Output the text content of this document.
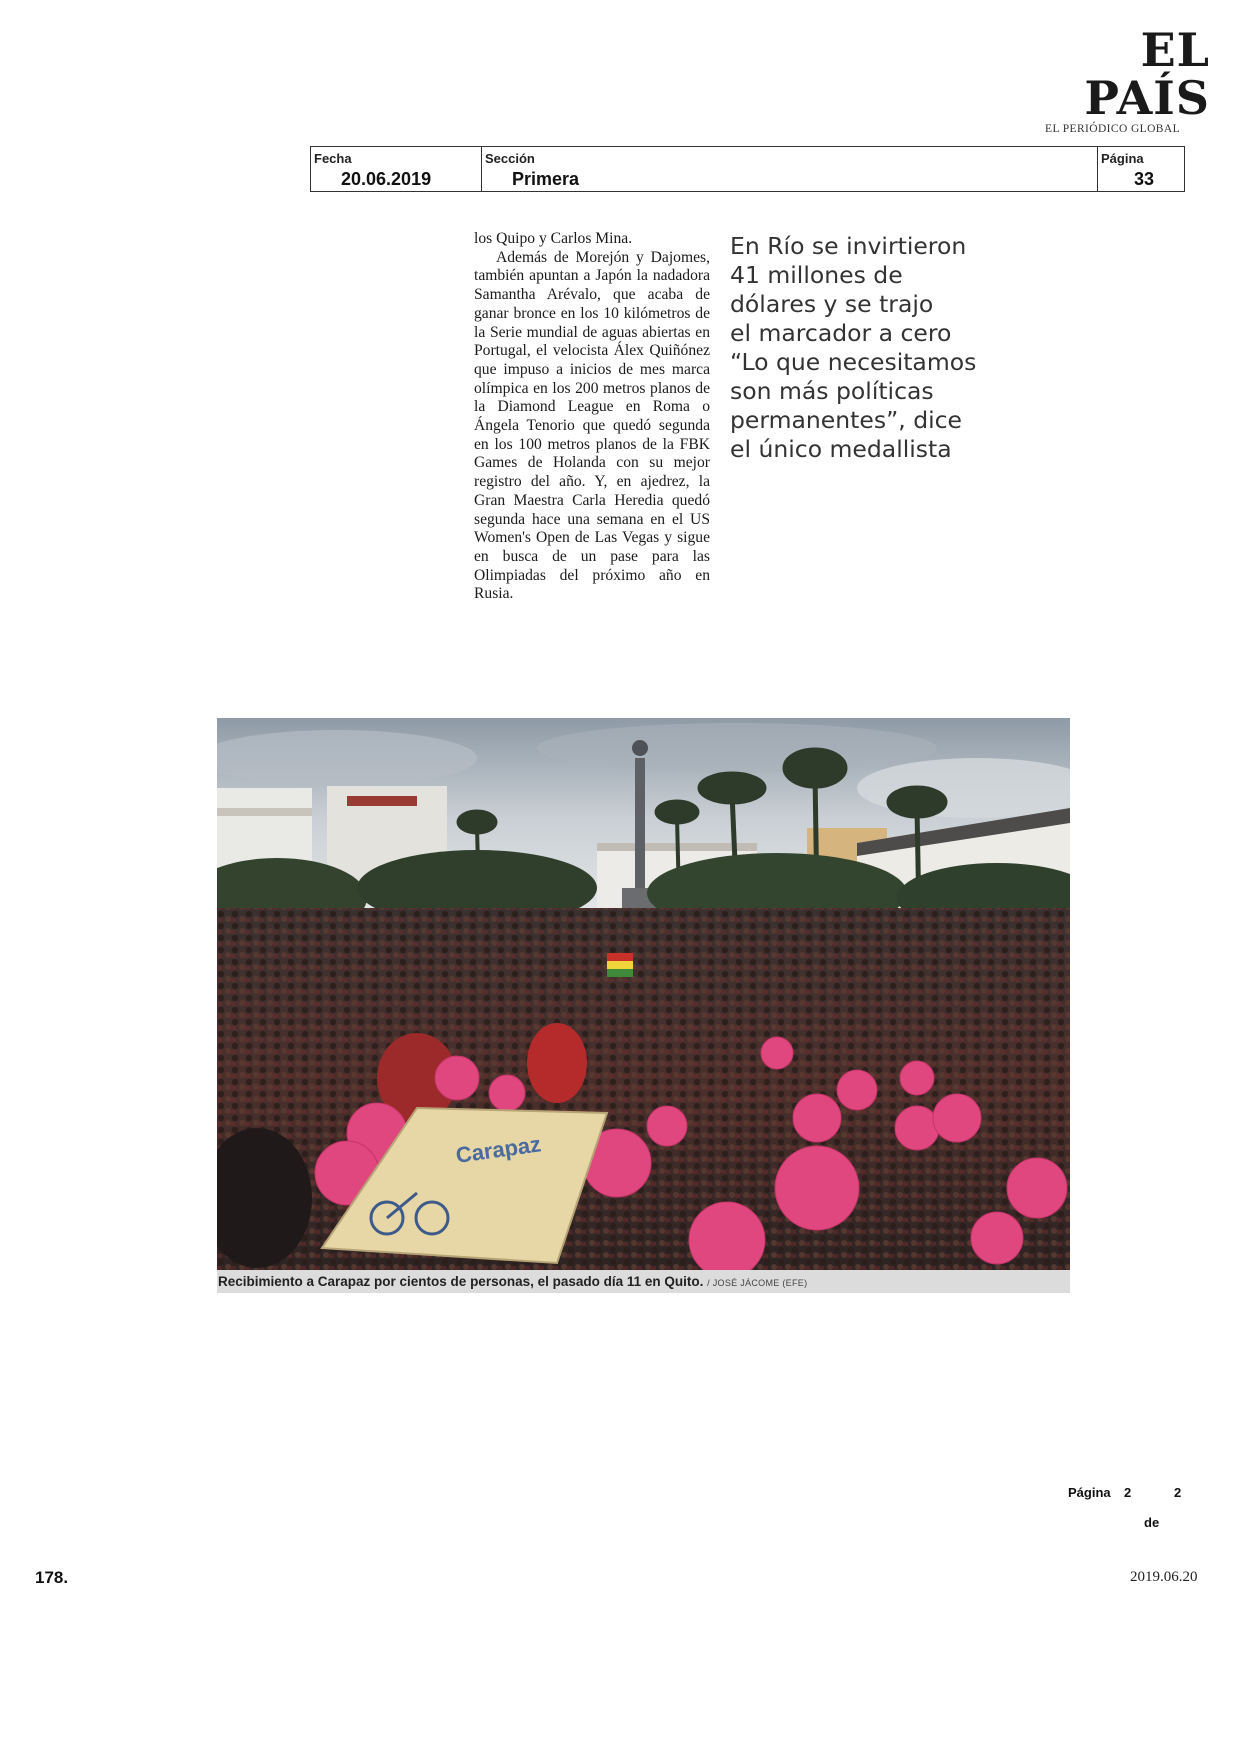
EL PAÍS
EL PERIÓDICO GLOBAL
Fecha
20.06.2019
Sección
Primera
Página
33

los Quipo y Carlos Mina.

Además de Morejón y Dajomes, también apuntan a Japón la nadadora Samantha Arévalo, que acaba de ganar bronce en los 10 kilómetros de la Serie mundial de aguas abiertas en Portugal, el velocista Álex Quiñónez que impuso a inicios de mes marca olímpica en los 200 metros planos de la Diamond League en Roma o Ángela Tenorio que quedó segunda en los 100 metros planos de la FBK Games de Holanda con su mejor registro del año. Y, en ajedrez, la Gran Maestra Carla Heredia quedó segunda hace una semana en el US Women's Open de Las Vegas y sigue en busca de un pase para las Olimpiadas del próximo año en Rusia.

En Río se invirtieron
41 millones de
dólares y se trajo
el marcador a cero
“Lo que necesitamos
son más políticas
permanentes”, dice
el único medallista
Carapaz
Recibimiento a Carapaz por cientos de personas, el pasado día 11 en Quito. / JOSÉ JÁCOME (EFE)
Página 2	2
de
178.	2019.06.20
